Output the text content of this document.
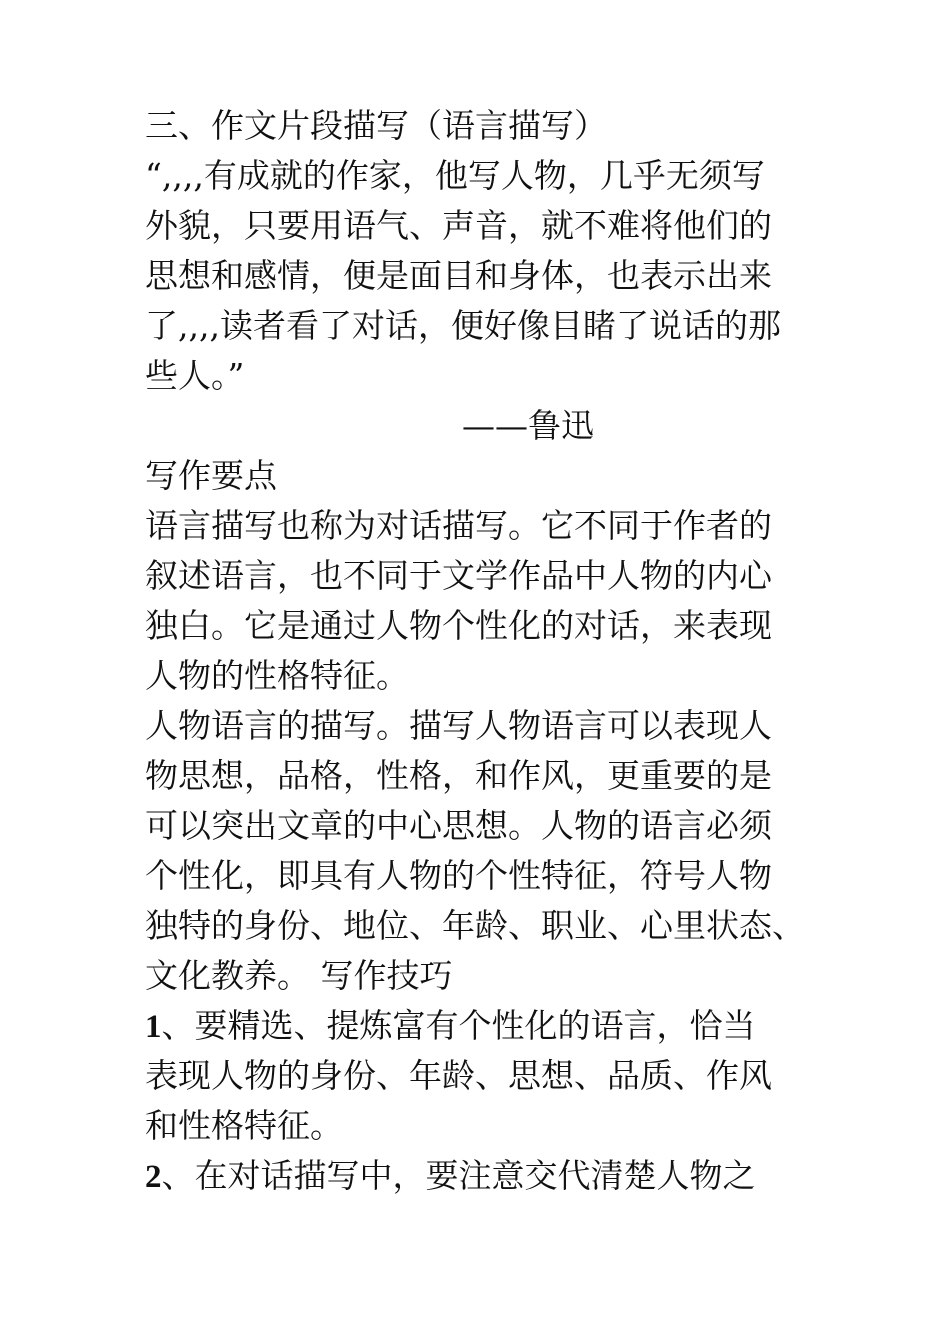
三、作文片段描写（语言描写）
“,,,,有成就的作家，他写人物，几乎无须写
外貌，只要用语气、声音，就不难将他们的
思想和感情，便是面目和身体，也表示出来
了,,,,读者看了对话，便好像目睹了说话的那
些人。”
——鲁迅
写作要点
语言描写也称为对话描写。它不同于作者的
叙述语言，也不同于文学作品中人物的内心
独白。它是通过人物个性化的对话，来表现
人物的性格特征。
人物语言的描写。描写人物语言可以表现人
物思想，品格，性格，和作风，更重要的是
可以突出文章的中心思想。人物的语言必须
个性化，即具有人物的个性特征，符号人物
独特的身份、地位、年龄、职业、心里状态、
文化教养。 写作技巧
1、要精选、提炼富有个性化的语言，恰当
表现人物的身份、年龄、思想、品质、作风
和性格特征。
2、在对话描写中，要注意交代清楚人物之
